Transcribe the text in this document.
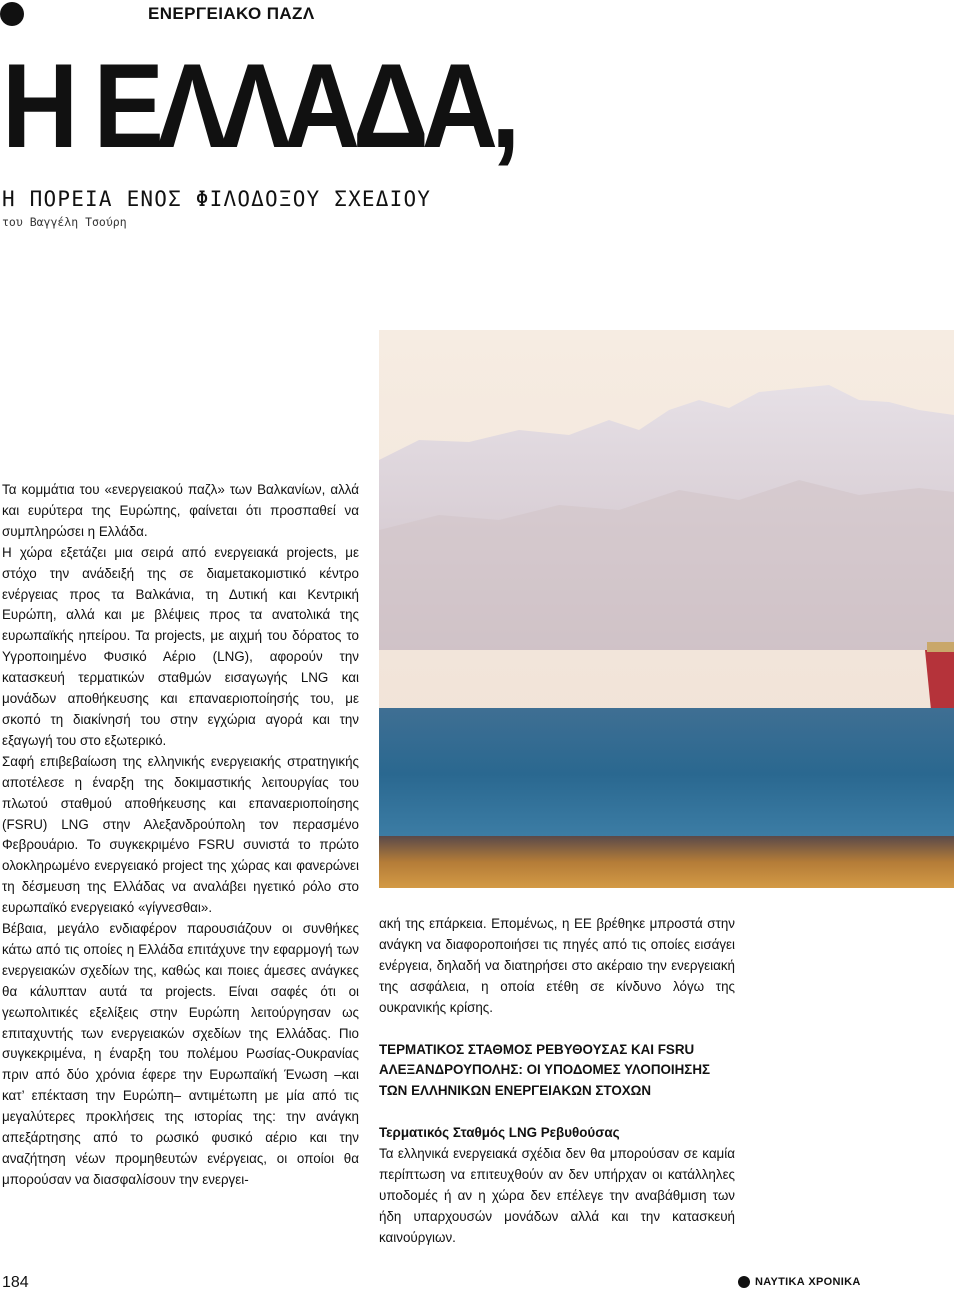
ΕΝΕΡΓΕΙΑΚΟ ΠΑΖΛ
Η ΕΛΛΑΔΑ,
Η ΠΟΡΕΙΑ ΕΝΟΣ ΦΙΛΟΔΟΞΟΥ ΣΧΕΔΙΟΥ
του Βαγγέλη Τσούρη

Τα κομμάτια του «ενεργειακού παζλ» των Βαλκανίων, αλλά και ευρύτερα της Ευρώπης, φαίνεται ότι προσπαθεί να συμπληρώσει η Ελλάδα.

Η χώρα εξετάζει μια σειρά από ενεργειακά projects, με στόχο την ανάδειξή της σε διαμετακομιστικό κέντρο ενέργειας προς τα Βαλκάνια, τη Δυτική και Κεντρική Ευρώπη, αλλά και με βλέψεις προς τα ανατολικά της ευρωπαϊκής ηπείρου. Τα projects, με αιχμή του δόρατος το Υγροποιημένο Φυσικό Αέριο (LNG), αφορούν την κατασκευή τερματικών σταθμών εισαγωγής LNG και μονάδων αποθήκευσης και επαναεριοποίησής του, με σκοπό τη διακίνησή του στην εγχώρια αγορά και την εξαγωγή του στο εξωτερικό.

Σαφή επιβεβαίωση της ελληνικής ενεργειακής στρατηγικής αποτέλεσε η έναρξη της δοκιμαστικής λειτουργίας του πλωτού σταθμού αποθήκευσης και επαναεριοποίησης (FSRU) LNG στην Αλεξανδρούπολη τον περασμένο Φεβρουάριο. Το συγκεκριμένο FSRU συνιστά το πρώτο ολοκληρωμένο ενεργειακό project της χώρας και φανερώνει τη δέσμευση της Ελλάδας να αναλάβει ηγετικό ρόλο στο ευρωπαϊκό ενεργειακό «γίγνεσθαι».

Βέβαια, μεγάλο ενδιαφέρον παρουσιάζουν οι συνθήκες κάτω από τις οποίες η Ελλάδα επιτάχυνε την εφαρμογή των ενεργειακών σχεδίων της, καθώς και ποιες άμεσες ανάγκες θα κάλυπταν αυτά τα projects. Είναι σαφές ότι οι γεωπολιτικές εξελίξεις στην Ευρώπη λειτούργησαν ως επιταχυντής των ενεργειακών σχεδίων της Ελλάδας. Πιο συγκεκριμένα, η έναρξη του πολέμου Ρωσίας-Ουκρανίας πριν από δύο χρόνια έφερε την Ευρωπαϊκή Ένωση –και κατ’ επέκταση την Ευρώπη– αντιμέτωπη με μία από τις μεγαλύτερες προκλήσεις της ιστορίας της: την ανάγκη απεξάρτησης από το ρωσικό φυσικό αέριο και την αναζήτηση νέων προμηθευτών ενέργειας, οι οποίοι θα μπορούσαν να διασφαλίσουν την ενεργει-

ακή της επάρκεια. Επομένως, η ΕΕ βρέθηκε μπροστά στην ανάγκη να διαφοροποιήσει τις πηγές από τις οποίες εισάγει ενέργεια, δηλαδή να διατηρήσει στο ακέραιο την ενεργειακή της ασφάλεια, η οποία ετέθη σε κίνδυνο λόγω της ουκρανικής κρίσης.

ΤΕΡΜΑΤΙΚΟΣ ΣΤΑΘΜΟΣ ΡΕΒΥΘΟΥΣΑΣ ΚΑΙ FSRU ΑΛΕΞΑΝΔΡΟΥΠΟΛΗΣ: ΟΙ ΥΠΟΔΟΜΕΣ ΥΛΟΠΟΙΗΣΗΣ ΤΩΝ ΕΛΛΗΝΙΚΩΝ ΕΝΕΡΓΕΙΑΚΩΝ ΣΤΟΧΩΝ

Τερματικός Σταθμός LNG Ρεβυθούσας

Τα ελληνικά ενεργειακά σχέδια δεν θα μπορούσαν σε καμία περίπτωση να επιτευχθούν αν δεν υπήρχαν οι κατάλληλες υποδομές ή αν η χώρα δεν επέλεγε την αναβάθμιση των ήδη υπαρχουσών μονάδων αλλά και την κατασκευή καινούργιων.

184	ΝΑΥΤΙΚΑ ΧΡΟΝΙΚΑ
